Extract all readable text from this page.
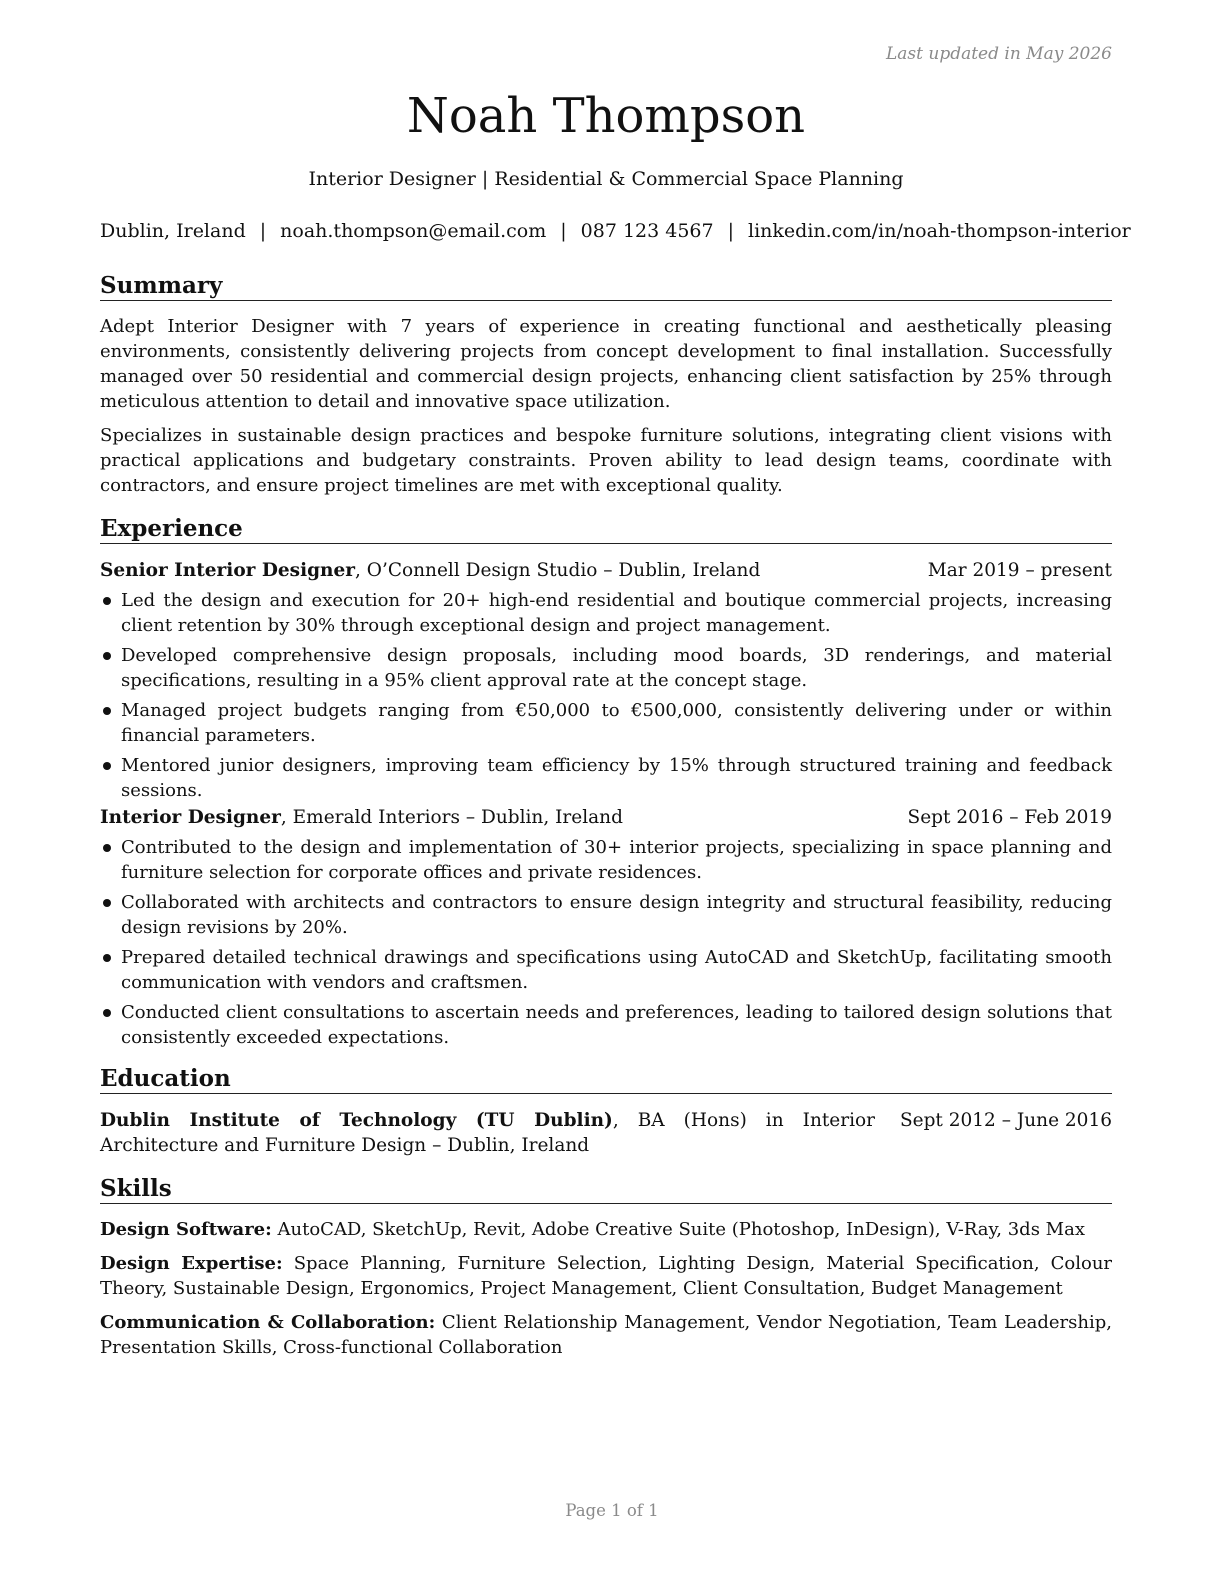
Last updated in May 2026
Noah Thompson
Interior Designer | Residential & Commercial Space Planning
Dublin, Ireland | noah.thompson@email.com | 087 123 4567 | linkedin.com/in/noah-thompson-interior
Summary
Adept Interior Designer with 7 years of experience in creating functional and aesthetically pleasing environments, consistently delivering projects from concept development to final installation. Successfully managed over 50 residential and commercial design projects, enhancing client satisfaction by 25% through meticulous attention to detail and innovative space utilization.
Specializes in sustainable design practices and bespoke furniture solutions, integrating client visions with practical applications and budgetary constraints. Proven ability to lead design teams, coordinate with contractors, and ensure project timelines are met with exceptional quality.
Experience
Senior Interior Designer, O’Connell Design Studio – Dublin, Ireland	Mar 2019 – present
Led the design and execution for 20+ high-end residential and boutique commercial projects, increasing client retention by 30% through exceptional design and project management.
Developed comprehensive design proposals, including mood boards, 3D renderings, and material specifications, resulting in a 95% client approval rate at the concept stage.
Managed project budgets ranging from €50,000 to €500,000, consistently delivering under or within financial parameters.
Mentored junior designers, improving team efficiency by 15% through structured training and feedback sessions.
Interior Designer, Emerald Interiors – Dublin, Ireland	Sept 2016 – Feb 2019
Contributed to the design and implementation of 30+ interior projects, specializing in space planning and furniture selection for corporate offices and private residences.
Collaborated with architects and contractors to ensure design integrity and structural feasibility, reducing design revisions by 20%.
Prepared detailed technical drawings and specifications using AutoCAD and SketchUp, facilitating smooth communication with vendors and craftsmen.
Conducted client consultations to ascertain needs and preferences, leading to tailored design solutions that consistently exceeded expectations.
Education
Dublin Institute of Technology (TU Dublin), BA (Hons) in Interior Architecture and Furniture Design – Dublin, Ireland
Sept 2012 – June 2016
Skills
Design Software: AutoCAD, SketchUp, Revit, Adobe Creative Suite (Photoshop, InDesign), V-Ray, 3ds Max
Design Expertise: Space Planning, Furniture Selection, Lighting Design, Material Specification, Colour Theory, Sustainable Design, Ergonomics, Project Management, Client Consultation, Budget Management
Communication & Collaboration: Client Relationship Management, Vendor Negotiation, Team Leadership, Presentation Skills, Cross-functional Collaboration
Page 1 of 1
